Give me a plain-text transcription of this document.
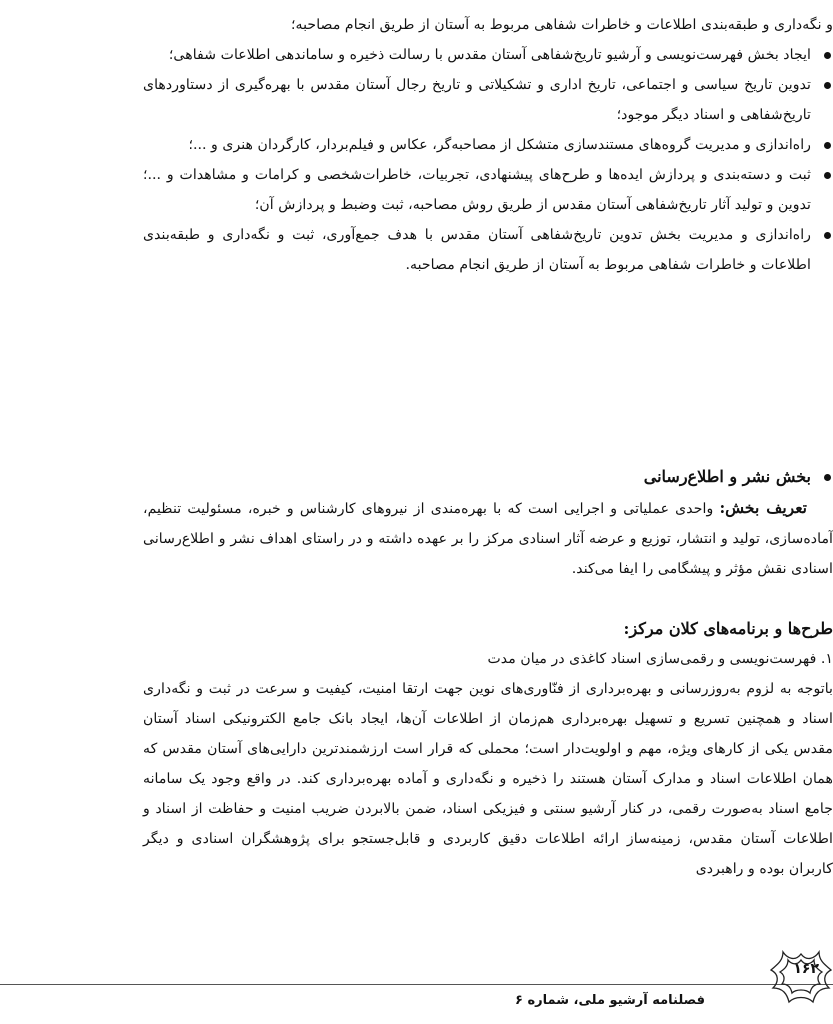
و نگه‌داری و طبقه‌بندی اطلاعات و خاطرات شفاهی مربوط به آستان از طریق انجام مصاحبه؛

ایجاد بخش فهرست‌نویسی و آرشیو تاریخ‌شفاهی آستان مقدس با رسالت ذخیره و ساماندهی اطلاعات شفاهی؛
تدوین تاریخ سیاسی و اجتماعی، تاریخ اداری و تشکیلاتی و تاریخ رجال آستان مقدس با بهره‌گیری از دستاوردهای تاریخ‌شفاهی و اسناد دیگر موجود؛
راه‌اندازی و مدیریت گروه‌های مستندسازی متشکل از مصاحبه‌گر، عکاس و فیلم‌بردار، کارگردان هنری و ...؛
ثبت و دسته‌بندی و پردازش ایده‌ها و طرح‌های پیشنهادی، تجربیات، خاطرات‌شخصی و کرامات و مشاهدات و ...؛ تدوین و تولید آثار تاریخ‌شفاهی آستان مقدس از طریق روش مصاحبه، ثبت وضبط و پردازش آن؛
راه‌اندازی و مدیریت بخش تدوین تاریخ‌شفاهی آستان مقدس با هدف جمع‌آوری، ثبت و نگه‌داری و طبقه‌بندی اطلاعات و خاطرات شفاهی مربوط به آستان از طریق انجام مصاحبه.
بخش نشر و اطلاع‌رسانی

تعریف بخش: واحدی عملیاتی و اجرایی است که با بهره‌مندی از نیروهای کارشناس و خبره، مسئولیت تنظیم، آماده‌سازی، تولید و انتشار، توزیع و عرضه آثار اسنادی مرکز را بر عهده داشته و در راستای اهداف نشر و اطلاع‌رسانی اسنادی نقش مؤثر و پیشگامی را ایفا می‌کند.

طرح‌ها و برنامه‌های کلان مرکز:

۱. فهرست‌نویسی و رقمی‌سازی اسناد کاغذی در میان مدت

باتوجه به لزوم به‌روزرسانی و بهره‌برداری از فنّاوری‌های نوین جهت ارتقا امنیت، کیفیت و سرعت در ثبت و نگه‌داری اسناد و همچنین تسریع و تسهیل بهره‌برداری هم‌زمان از اطلاعات آن‌ها، ایجاد بانک جامع الکترونیکی اسناد آستان مقدس یکی از کارهای ویژه، مهم و اولویت‌دار است؛ محملی که قرار است ارزشمندترین دارایی‌های آستان مقدس که همان اطلاعات اسناد و مدارک آستان هستند را ذخیره و نگه‌داری و آماده بهره‌برداری کند. در واقع وجود یک سامانه جامع اسناد به‌صورت رقمی، در کنار آرشیو سنتی و فیزیکی اسناد، ضمن بالابردن ضریب امنیت و حفاظت از اسناد و اطلاعات آستان مقدس، زمینه‌ساز ارائه اطلاعات دقیق کاربردی و قابل‌جستجو برای پژوهشگران اسنادی و دیگر کاربران بوده و راهبردی

۱۶۲
فصلنامه آرشیو ملی، شماره ۶
